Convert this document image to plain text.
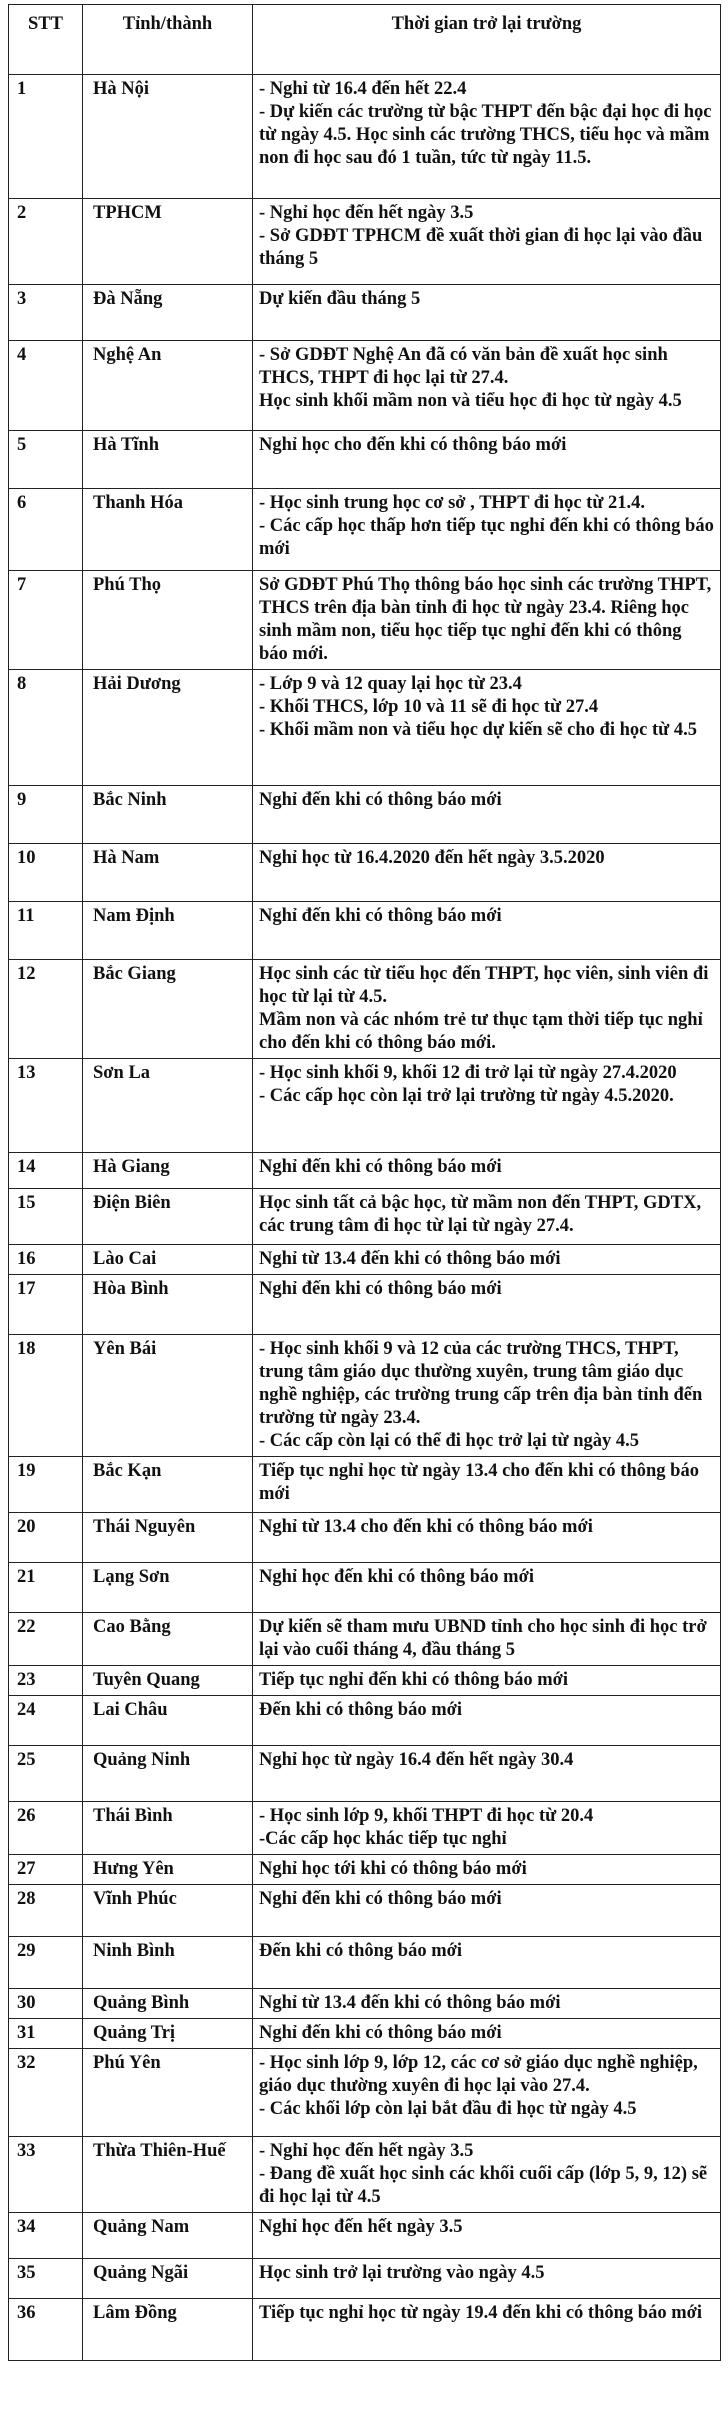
STT	Tỉnh/thành	Thời gian trở lại trường
1	Hà Nội	- Nghỉ từ 16.4 đến hết 22.4
- Dự kiến các trường từ bậc THPT đến bậc đại học đi học từ ngày 4.5. Học sinh các trường THCS, tiểu học và mầm non đi học sau đó 1 tuần, tức từ ngày 11.5.

2	TPHCM	- Nghỉ học đến hết ngày 3.5
- Sở GDĐT TPHCM đề xuất thời gian đi học lại vào đầu tháng 5

3	Đà Nẵng	Dự kiến đầu tháng 5

4	Nghệ An	- Sở GDĐT Nghệ An đã có văn bản đề xuất học sinh THCS, THPT đi học lại từ 27.4.
Học sinh khối mầm non và tiểu học đi học từ ngày 4.5

5	Hà Tĩnh	Nghỉ học cho đến khi có thông báo mới

6	Thanh Hóa	- Học sinh trung học cơ sở , THPT đi học từ 21.4.
- Các cấp học thấp hơn tiếp tục nghỉ đến khi có thông báo mới

7	Phú Thọ	Sở GDĐT Phú Thọ thông báo học sinh các trường THPT, THCS trên địa bàn tỉnh đi học từ ngày 23.4. Riêng học sinh mầm non, tiểu học tiếp tục nghỉ đến khi có thông báo mới.

8	Hải Dương	- Lớp 9 và 12 quay lại học từ 23.4
- Khối THCS, lớp 10 và 11 sẽ đi học từ 27.4
- Khối mầm non và tiểu học dự kiến sẽ cho đi học từ 4.5

9	Bắc Ninh	Nghỉ đến khi có thông báo mới

10	Hà Nam	Nghỉ học từ 16.4.2020 đến hết ngày 3.5.2020

11	Nam Định	Nghỉ đến khi có thông báo mới

12	Bắc Giang	Học sinh các từ tiểu học đến THPT, học viên, sinh viên đi học từ lại từ 4.5.
Mầm non và các nhóm trẻ tư thục tạm thời tiếp tục nghỉ cho đến khi có thông báo mới.

13	Sơn La	- Học sinh khối 9, khối 12 đi trở lại từ ngày 27.4.2020
- Các cấp học còn lại trở lại trường từ ngày 4.5.2020.

14	Hà Giang	Nghỉ đến khi có thông báo mới

15	Điện Biên	Học sinh tất cả bậc học, từ mầm non đến THPT, GDTX, các trung tâm đi học từ lại từ ngày 27.4.

16	Lào Cai	Nghỉ từ 13.4 đến khi có thông báo mới

17	Hòa Bình	Nghỉ đến khi có thông báo mới

18	Yên Bái	- Học sinh khối 9 và 12 của các trường THCS, THPT, trung tâm giáo dục thường xuyên, trung tâm giáo dục nghề nghiệp, các trường trung cấp trên địa bàn tỉnh đến trường từ ngày 23.4.
- Các cấp còn lại có thể đi học trở lại từ ngày 4.5

19	Bắc Kạn	Tiếp tục nghỉ học từ ngày 13.4 cho đến khi có thông báo mới

20	Thái Nguyên	Nghỉ từ 13.4 cho đến khi có thông báo mới

21	Lạng Sơn	Nghỉ học đến khi có thông báo mới

22	Cao Bằng	Dự kiến sẽ tham mưu UBND tỉnh cho học sinh đi học trở lại vào cuối tháng 4, đầu tháng 5

23	Tuyên Quang	Tiếp tục nghỉ đến khi có thông báo mới

24	Lai Châu	Đến khi có thông báo mới

25	Quảng Ninh	Nghỉ học từ ngày 16.4 đến hết ngày 30.4

26	Thái Bình	- Học sinh lớp 9, khối THPT đi học từ 20.4
-Các cấp học khác tiếp tục nghỉ

27	Hưng Yên	Nghỉ học tới khi có thông báo mới

28	Vĩnh Phúc	Nghỉ đến khi có thông báo mới

29	Ninh Bình	Đến khi có thông báo mới

30	Quảng Bình	Nghỉ từ 13.4 đến khi có thông báo mới

31	Quảng Trị	Nghỉ đến khi có thông báo mới

32	Phú Yên	- Học sinh lớp 9, lớp 12, các cơ sở giáo dục nghề nghiệp, giáo dục thường xuyên đi học lại vào 27.4.
- Các khối lớp còn lại bắt đầu đi học từ ngày 4.5

33	Thừa Thiên-Huế	- Nghỉ học đến hết ngày 3.5
- Đang đề xuất học sinh các khối cuối cấp (lớp 5, 9, 12) sẽ đi học lại từ 4.5

34	Quảng Nam	Nghỉ học đến hết ngày 3.5

35	Quảng Ngãi	Học sinh trở lại trường vào ngày 4.5

36	Lâm Đồng	Tiếp tục nghỉ học từ ngày 19.4 đến khi có thông báo mới
